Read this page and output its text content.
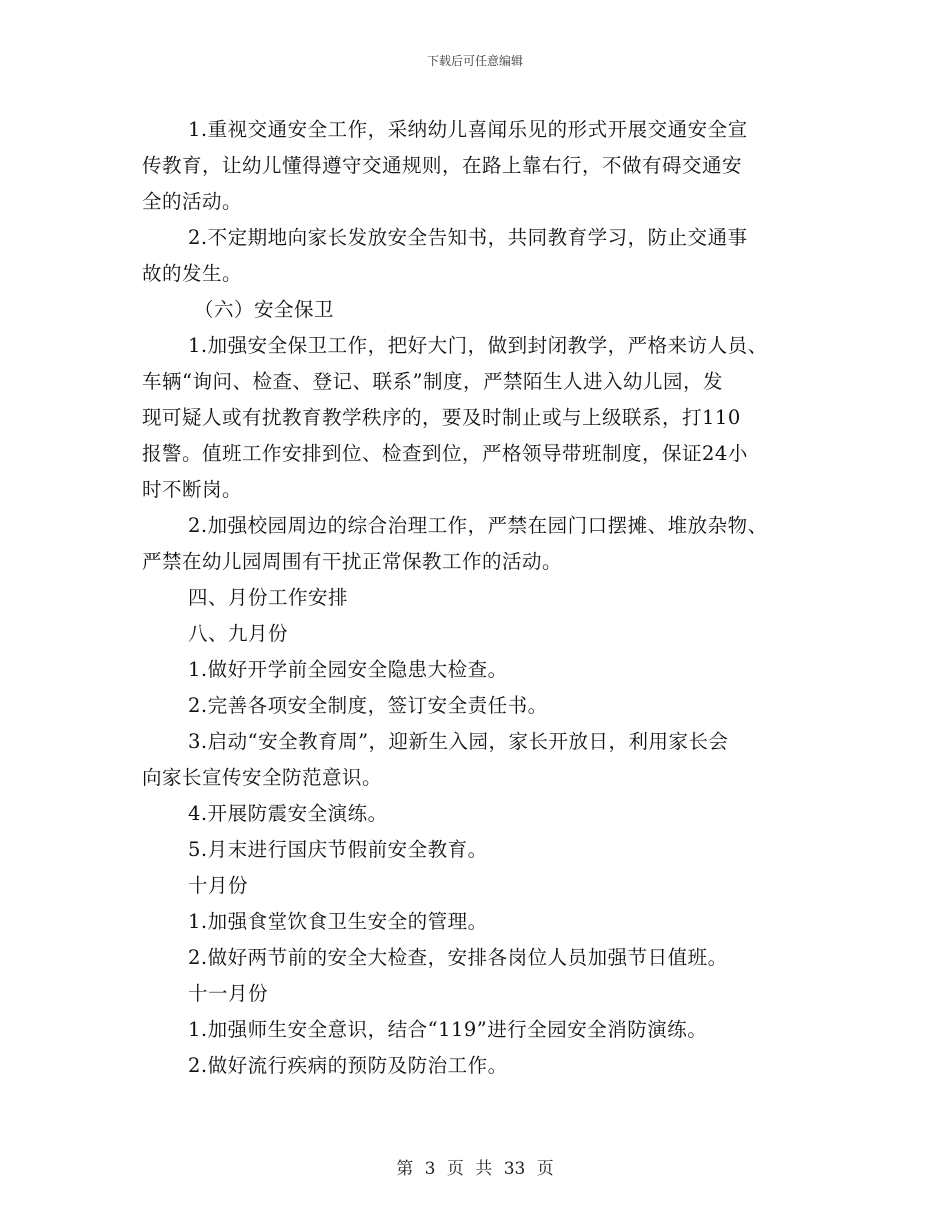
下载后可任意编辑
1.重视交通安全工作，采纳幼儿喜闻乐见的形式开展交通安全宣
传教育，让幼儿懂得遵守交通规则，在路上靠右行，不做有碍交通安
全的活动。
2.不定期地向家长发放安全告知书，共同教育学习，防止交通事
故的发生。
（六）安全保卫
1.加强安全保卫工作，把好大门，做到封闭教学，严格来访人员、
车辆“询问、检查、登记、联系”制度，严禁陌生人进入幼儿园，发
现可疑人或有扰教育教学秩序的，要及时制止或与上级联系，打110
报警。值班工作安排到位、检查到位，严格领导带班制度，保证24小
时不断岗。
2.加强校园周边的综合治理工作，严禁在园门口摆摊、堆放杂物、
严禁在幼儿园周围有干扰正常保教工作的活动。
四、月份工作安排
八、九月份
1.做好开学前全园安全隐患大检查。
2.完善各项安全制度，签订安全责任书。
3.启动“安全教育周”，迎新生入园，家长开放日，利用家长会
向家长宣传安全防范意识。
4.开展防震安全演练。
5.月末进行国庆节假前安全教育。
十月份
1.加强食堂饮食卫生安全的管理。
2.做好两节前的安全大检查，安排各岗位人员加强节日值班。
十一月份
1.加强师生安全意识，结合“119”进行全园安全消防演练。
2.做好流行疾病的预防及防治工作。
第 3 页 共 33 页
